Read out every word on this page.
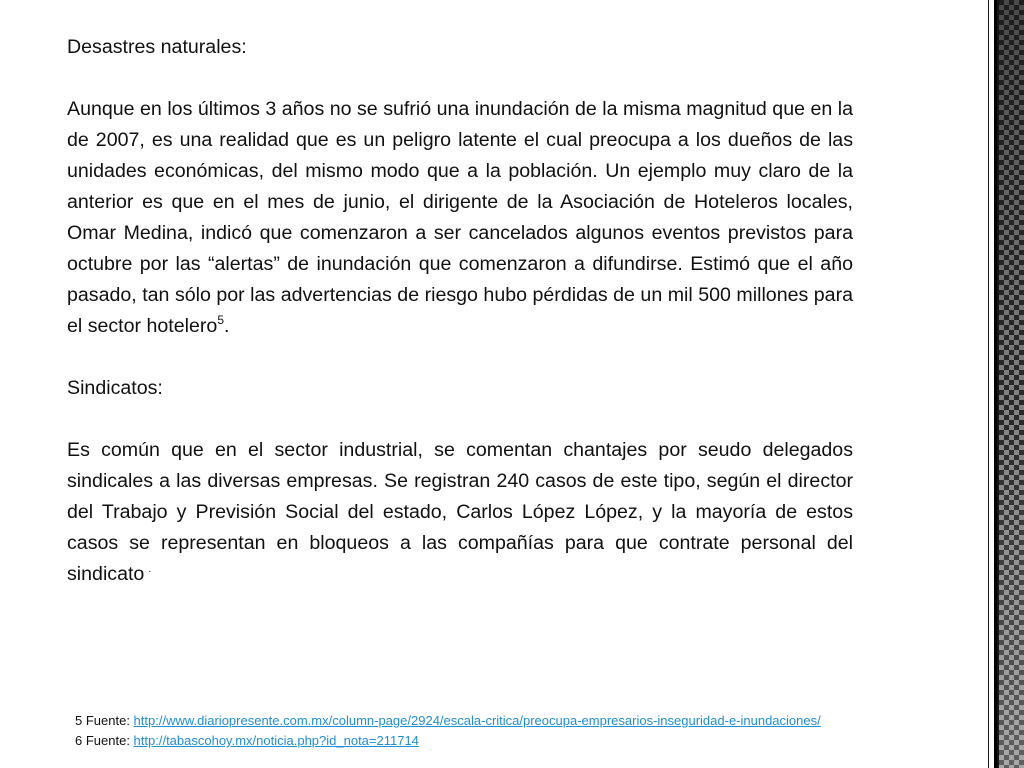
Desastres naturales:

Aunque en los últimos 3 años no se sufrió una inundación de la misma magnitud que en la de 2007, es una realidad que es un peligro latente el cual preocupa a los dueños de las unidades económicas, del mismo modo que a la población. Un ejemplo muy claro de la anterior es que en el mes de junio, el dirigente de la Asociación de Hoteleros locales, Omar Medina, indicó que comenzaron a ser cancelados algunos eventos previstos para octubre por las “alertas” de inundación que comenzaron a difundirse. Estimó que el año pasado, tan sólo por las advertencias de riesgo hubo pérdidas de un mil 500 millones para el sector hotelero$^5$.

Sindicatos:

Es común que en el sector industrial, se comentan chantajes por seudo delegados sindicales a las diversas empresas. Se registran 240 casos de este tipo, según el director del Trabajo y Previsión Social del estado, Carlos López López, y la mayoría de estos casos se representan en bloqueos a las compañías para que contrate personal del sindicato .

5 Fuente: http://www.diariopresente.com.mx/column-page/2924/escala-critica/preocupa-empresarios-inseguridad-e-inundaciones/
6 Fuente: http://tabascohoy.mx/noticia.php?id_nota=211714
